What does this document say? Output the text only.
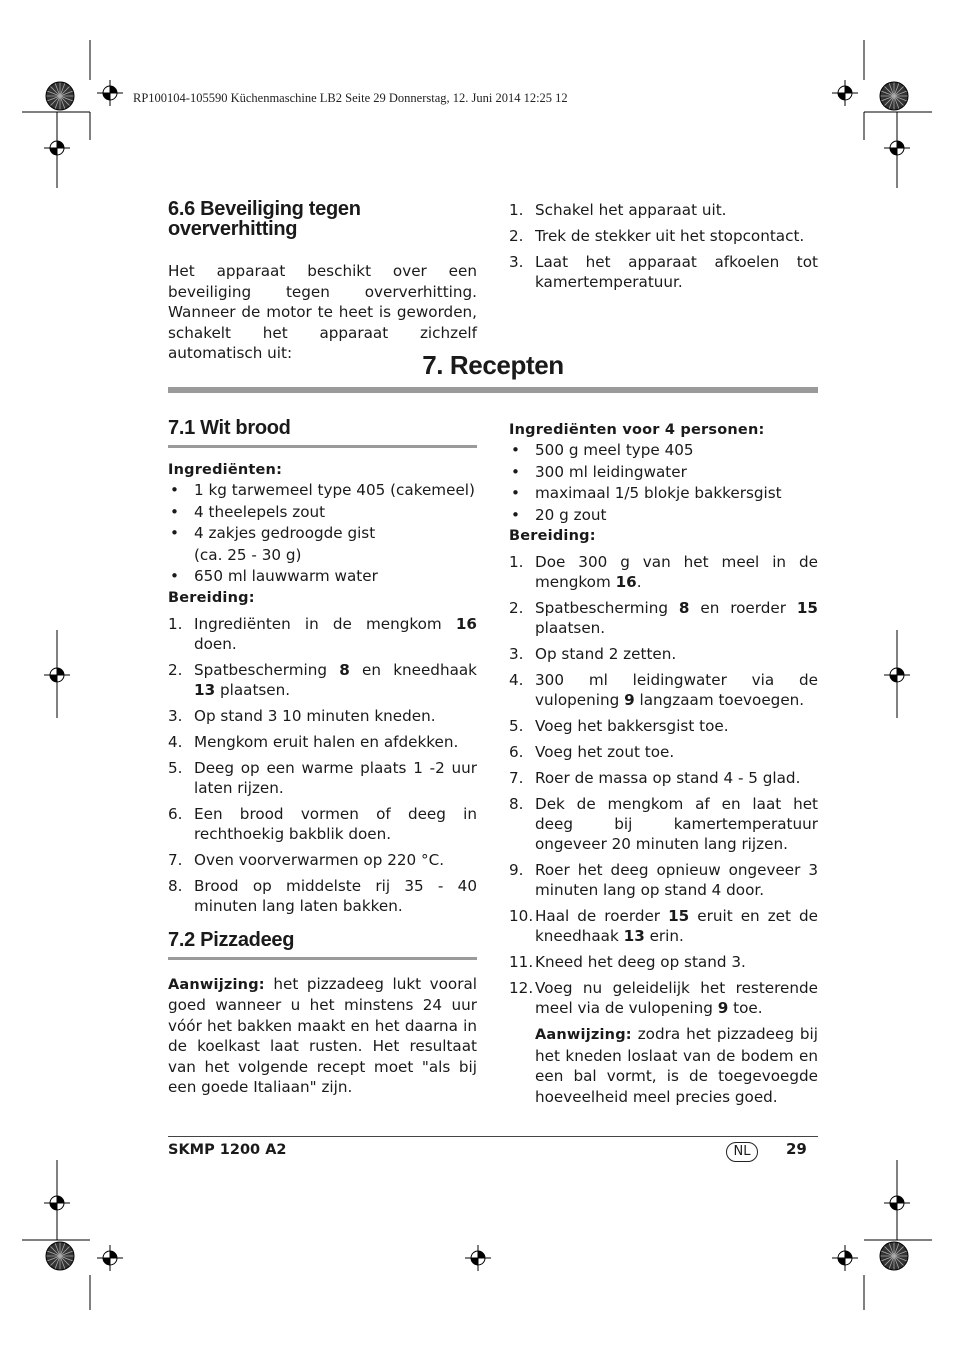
RP100104-105590 Küchenmaschine LB2 Seite 29 Donnerstag, 12. Juni 2014 12:25 12
6.6 Beveiliging tegen oververhitting

Het apparaat beschikt over een beveiliging tegen oververhitting. Wanneer de motor te heet is geworden, schakelt het apparaat zichzelf automatisch uit:

1. Schakel het apparaat uit.
2. Trek de stekker uit het stopcontact.
3. Laat het apparaat afkoelen tot kamertemperatuur.
7. Recepten
7.1 Wit brood
Ingrediënten:
• 1 kg tarwemeel type 405 (cakemeel)
• 4 theelepels zout
• 4 zakjes gedroogde gist (ca. 25 - 30 g)
• 650 ml lauwwarm water
Bereiding:
1. Ingrediënten in de mengkom 16 doen.
2. Spatbescherming 8 en kneedhaak 13 plaatsen.
3. Op stand 3 10 minuten kneden.
4. Mengkom eruit halen en afdekken.
5. Deeg op een warme plaats 1 -2 uur laten rijzen.
6. Een brood vormen of deeg in rechthoekig bakblik doen.
7. Oven voorverwarmen op 220 °C.
8. Brood op middelste rij 35 - 40 minuten lang laten bakken.
7.2 Pizzadeeg

Aanwijzing: het pizzadeeg lukt vooral goed wanneer u het minstens 24 uur vóór het bakken maakt en het daarna in de koelkast laat rusten. Het resultaat van het volgende recept moet "als bij een goede Italiaan" zijn.

Ingrediënten voor 4 personen:
• 500 g meel type 405
• 300 ml leidingwater
• maximaal 1/5 blokje bakkersgist
• 20 g zout
Bereiding:
1. Doe 300 g van het meel in de mengkom 16.
2. Spatbescherming 8 en roerder 15 plaatsen.
3. Op stand 2 zetten.
4. 300 ml leidingwater via de vulopening 9 langzaam toevoegen.
5. Voeg het bakkersgist toe.
6. Voeg het zout toe.
7. Roer de massa op stand 4 - 5 glad.
8. Dek de mengkom af en laat het deeg bij kamertemperatuur ongeveer 20 minuten lang rijzen.
9. Roer het deeg opnieuw ongeveer 3 minuten lang op stand 4 door.
10. Haal de roerder 15 eruit en zet de kneedhaak 13 erin.
11. Kneed het deeg op stand 3.
12. Voeg nu geleidelijk het resterende meel via de vulopening 9 toe.

Aanwijzing: zodra het pizzadeeg bij het kneden loslaat van de bodem en een bal vormt, is de toegevoegde hoeveelheid meel precies goed.

SKMP 1200 A2	NL	29
